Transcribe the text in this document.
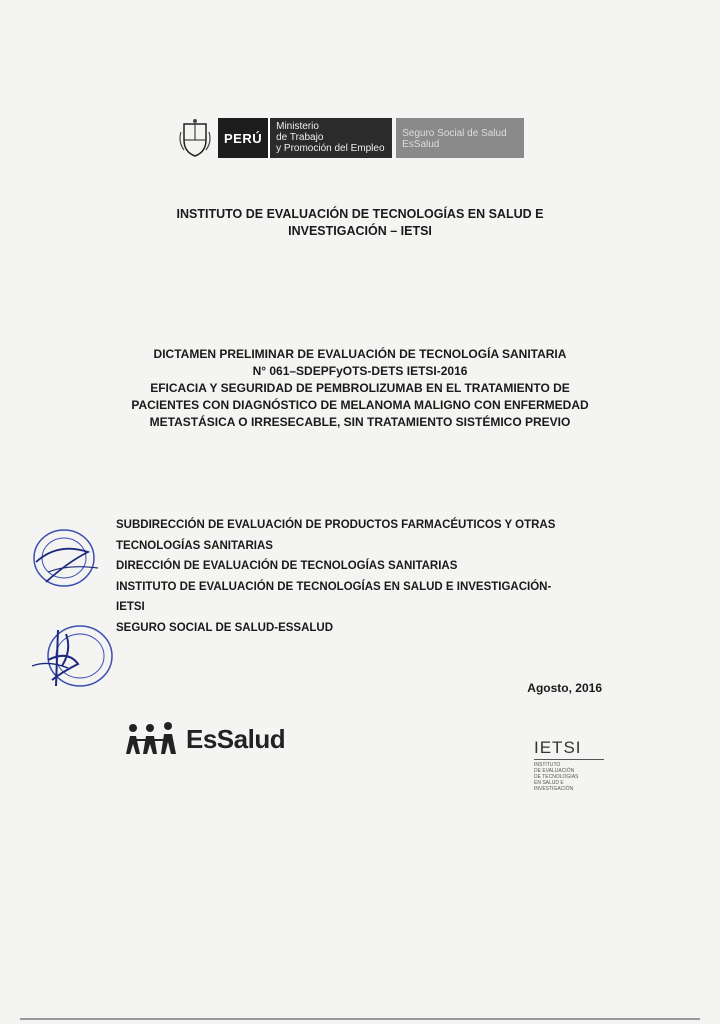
PERÚ
Ministerio
de Trabajo
y Promoción del Empleo
Seguro Social de Salud
EsSalud
INSTITUTO DE EVALUACIÓN DE TECNOLOGÍAS EN SALUD E
INVESTIGACIÓN – IETSI
DICTAMEN PRELIMINAR DE EVALUACIÓN DE TECNOLOGÍA SANITARIA
N° 061–SDEPFyOTS-DETS IETSI-2016
EFICACIA Y SEGURIDAD DE PEMBROLIZUMAB EN EL TRATAMIENTO DE
PACIENTES CON DIAGNÓSTICO DE MELANOMA MALIGNO CON ENFERMEDAD
METASTÁSICA O IRRESECABLE, SIN TRATAMIENTO SISTÉMICO PREVIO
SUBDIRECCIÓN DE EVALUACIÓN DE PRODUCTOS FARMACÉUTICOS Y OTRAS
TECNOLOGÍAS SANITARIAS
DIRECCIÓN DE EVALUACIÓN DE TECNOLOGÍAS SANITARIAS
INSTITUTO DE EVALUACIÓN DE TECNOLOGÍAS EN SALUD E INVESTIGACIÓN-
IETSI
SEGURO SOCIAL DE SALUD-ESSALUD
Agosto, 2016
EsSalud	IETSI
INSTITUTO
DE EVALUACIÓN
DE TECNOLOGÍAS
EN SALUD E
INVESTIGACIÓN
